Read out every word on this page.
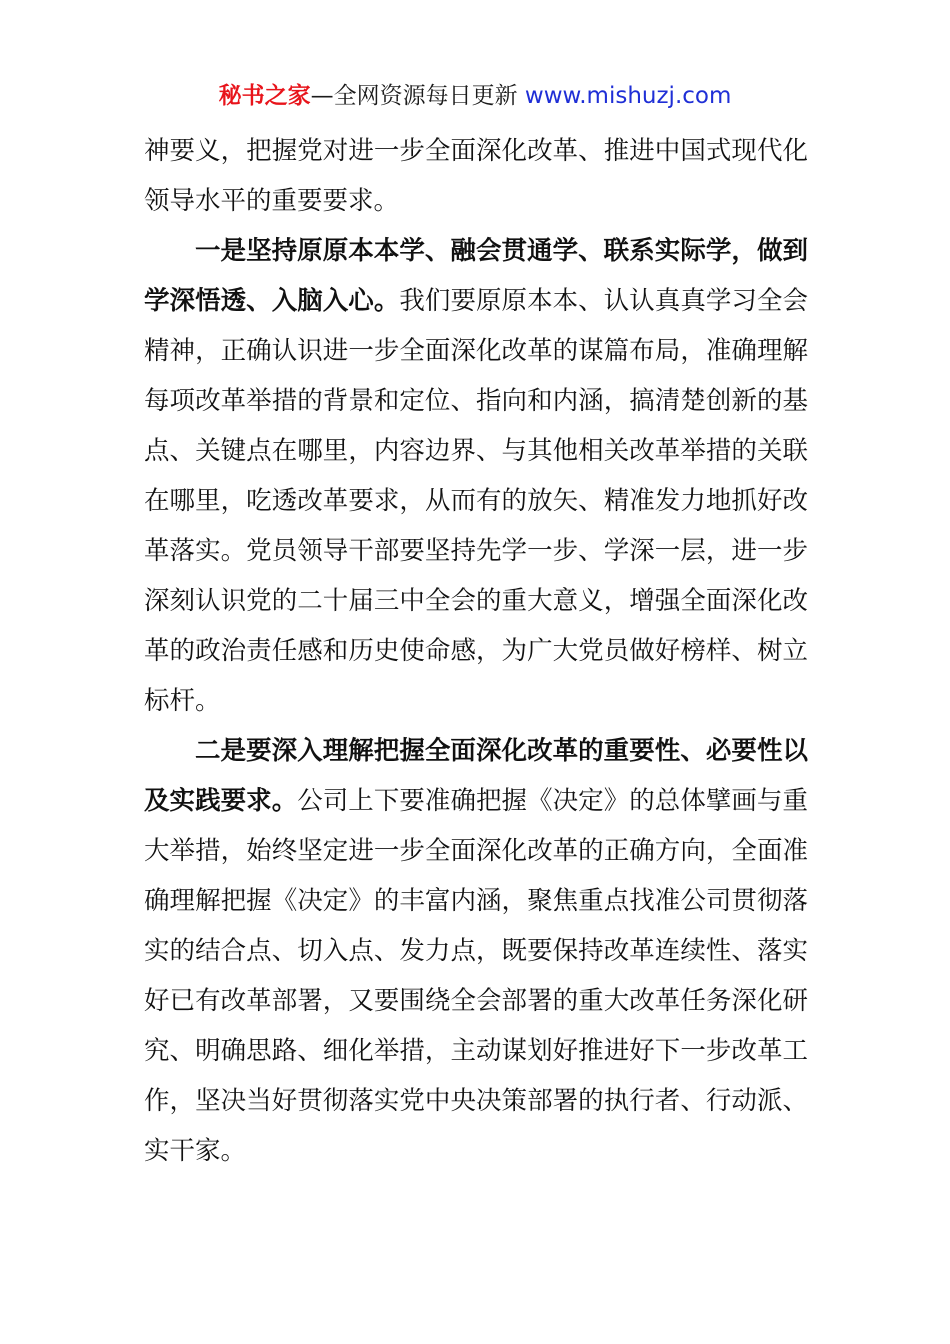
秘书之家—全网资源每日更新 www.mishuzj.com

神要义，把握党对进一步全面深化改革、推进中国式现代化领导水平的重要要求。

一是坚持原原本本学、融会贯通学、联系实际学，做到学深悟透、入脑入心。我们要原原本本、认认真真学习全会精神，正确认识进一步全面深化改革的谋篇布局，准确理解每项改革举措的背景和定位、指向和内涵，搞清楚创新的基点、关键点在哪里，内容边界、与其他相关改革举措的关联在哪里，吃透改革要求，从而有的放矢、精准发力地抓好改革落实。党员领导干部要坚持先学一步、学深一层，进一步深刻认识党的二十届三中全会的重大意义，增强全面深化改革的政治责任感和历史使命感，为广大党员做好榜样、树立标杆。

二是要深入理解把握全面深化改革的重要性、必要性以及实践要求。公司上下要准确把握《决定》的总体擘画与重大举措，始终坚定进一步全面深化改革的正确方向，全面准确理解把握《决定》的丰富内涵，聚焦重点找准公司贯彻落实的结合点、切入点、发力点，既要保持改革连续性、落实好已有改革部署，又要围绕全会部署的重大改革任务深化研究、明确思路、细化举措，主动谋划好推进好下一步改革工作，坚决当好贯彻落实党中央决策部署的执行者、行动派、实干家。
